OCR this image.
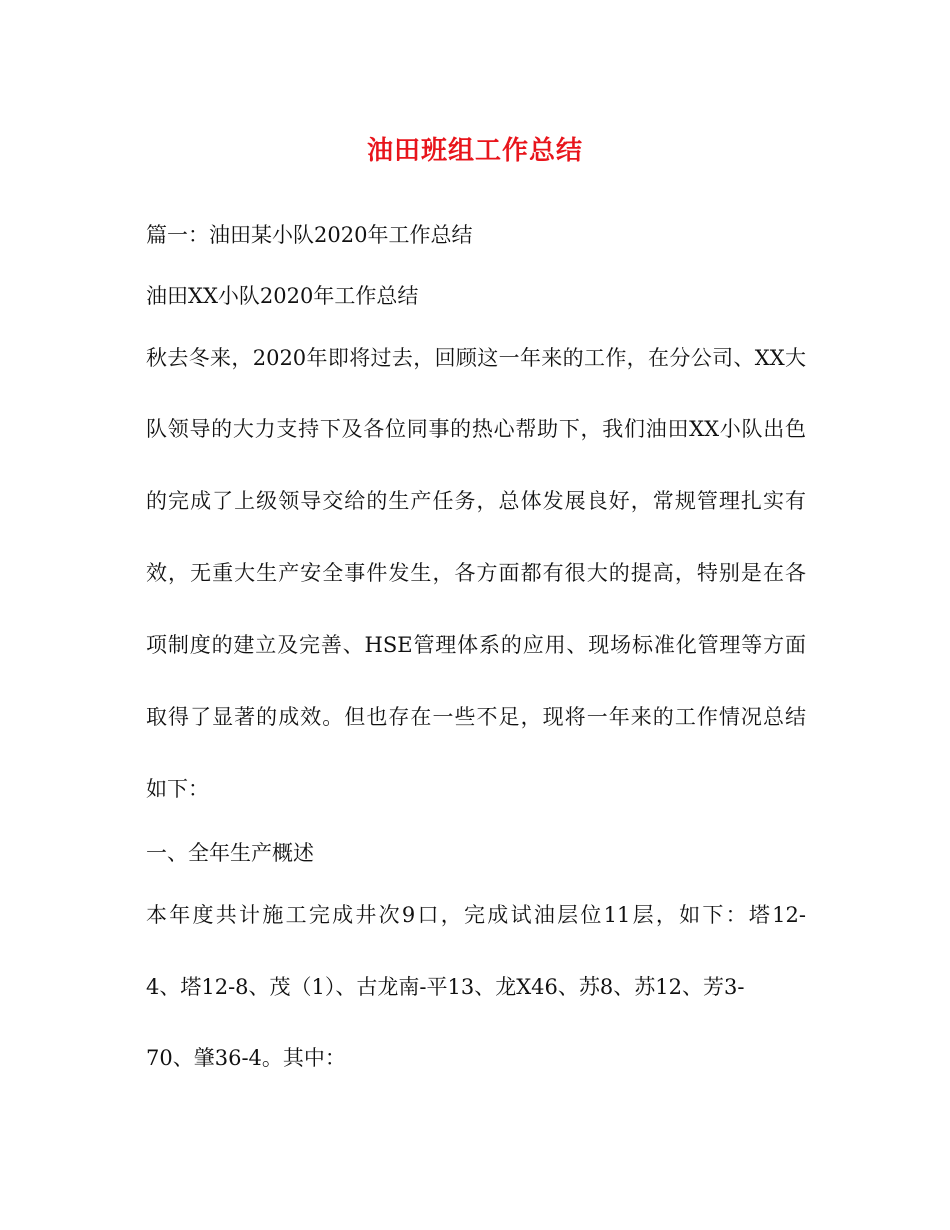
油田班组工作总结
篇一：油田某小队2020年工作总结
油田XX小队2020年工作总结
秋去冬来，2020年即将过去，回顾这一年来的工作，在分公司、XX大
队领导的大力支持下及各位同事的热心帮助下，我们油田XX小队出色
的完成了上级领导交给的生产任务，总体发展良好，常规管理扎实有
效，无重大生产安全事件发生，各方面都有很大的提高，特别是在各
项制度的建立及完善、HSE管理体系的应用、现场标准化管理等方面
取得了显著的成效。但也存在一些不足，现将一年来的工作情况总结
如下：
一、全年生产概述
本年度共计施工完成井次9口，完成试油层位11层，如下：塔12-
4、塔12-8、茂（1）、古龙南-平13、龙X46、苏8、苏12、芳3-
70、肇36-4。其中：
